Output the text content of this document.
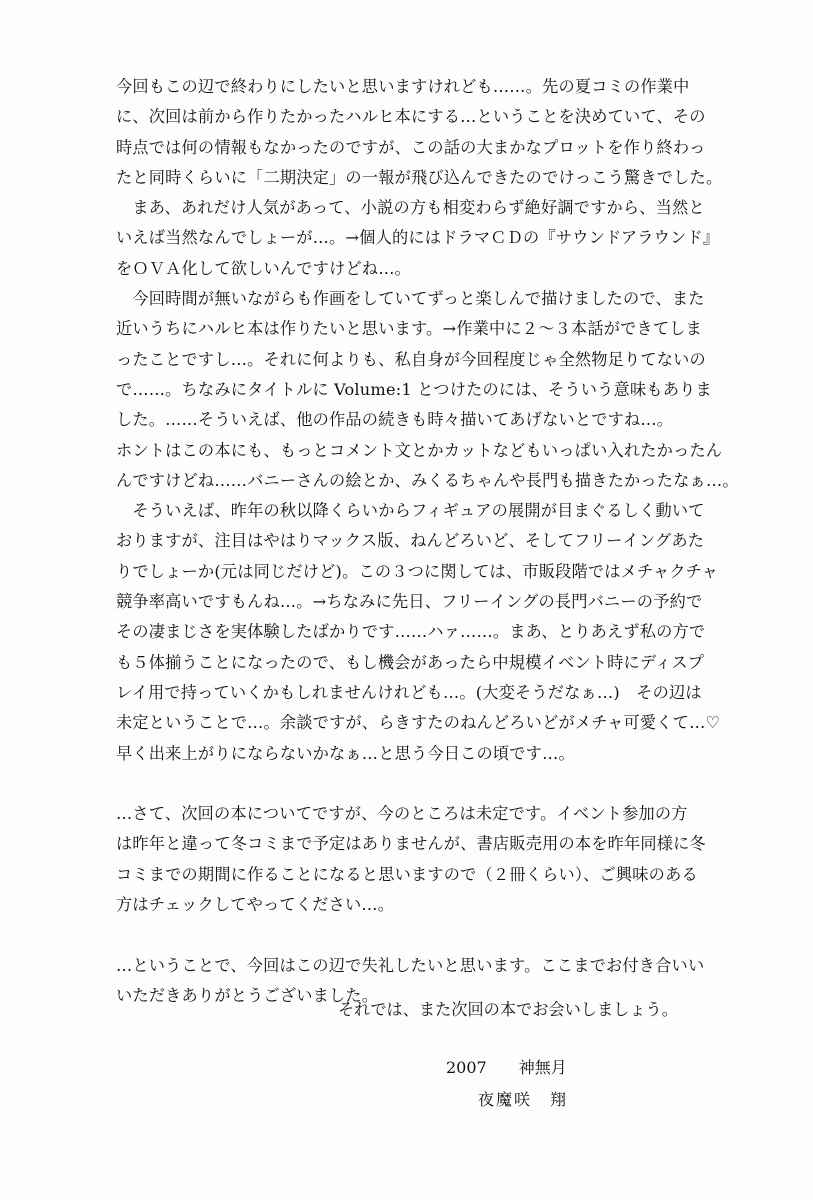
今回もこの辺で終わりにしたいと思いますけれども……。先の夏コミの作業中
に、次回は前から作りたかったハルヒ本にする…ということを決めていて、その
時点では何の情報もなかったのですが、この話の大まかなプロットを作り終わっ
たと同時くらいに「二期決定」の一報が飛び込んできたのでけっこう驚きでした。
　まあ、あれだけ人気があって、小説の方も相変わらず絶好調ですから、当然と
いえば当然なんでしょーが…。→個人的にはドラマＣＤの『サウンドアラウンド』
をＯＶＡ化して欲しいんですけどね…。
　今回時間が無いながらも作画をしていてずっと楽しんで描けましたので、また
近いうちにハルヒ本は作りたいと思います。→作業中に２～３本話ができてしま
ったことですし…。それに何よりも、私自身が今回程度じゃ全然物足りてないの
で……。ちなみにタイトルに Volume:1 とつけたのには、そういう意味もありま
した。……そういえば、他の作品の続きも時々描いてあげないとですね…。
ホントはこの本にも、もっとコメント文とかカットなどもいっぱい入れたかったん
んですけどね……バニーさんの絵とか、みくるちゃんや長門も描きたかったなぁ…。
　そういえば、昨年の秋以降くらいからフィギュアの展開が目まぐるしく動いて
おりますが、注目はやはりマックス版、ねんどろいど、そしてフリーイングあた
りでしょーか(元は同じだけど)。この３つに関しては、市販段階ではメチャクチャ
競争率高いですもんね…。→ちなみに先日、フリーイングの長門バニーの予約で
その凄まじさを実体験したばかりです……ハァ……。まあ、とりあえず私の方で
も５体揃うことになったので、もし機会があったら中規模イベント時にディスプ
レイ用で持っていくかもしれませんけれども…。(大変そうだなぁ…)　その辺は
未定ということで…。余談ですが、らきすたのねんどろいどがメチャ可愛くて…♡
早く出来上がりにならないかなぁ…と思う今日この頃です…。
…さて、次回の本についてですが、今のところは未定です。イベント参加の方
は昨年と違って冬コミまで予定はありませんが、書店販売用の本を昨年同様に冬
コミまでの期間に作ることになると思いますので（２冊くらい）、ご興味のある
方はチェックしてやってください…。
…ということで、今回はこの辺で失礼したいと思います。ここまでお付き合いい
いただきありがとうございました。
それでは、また次回の本でお会いしましょう。
2007 神無月
夜魔咲　翔
